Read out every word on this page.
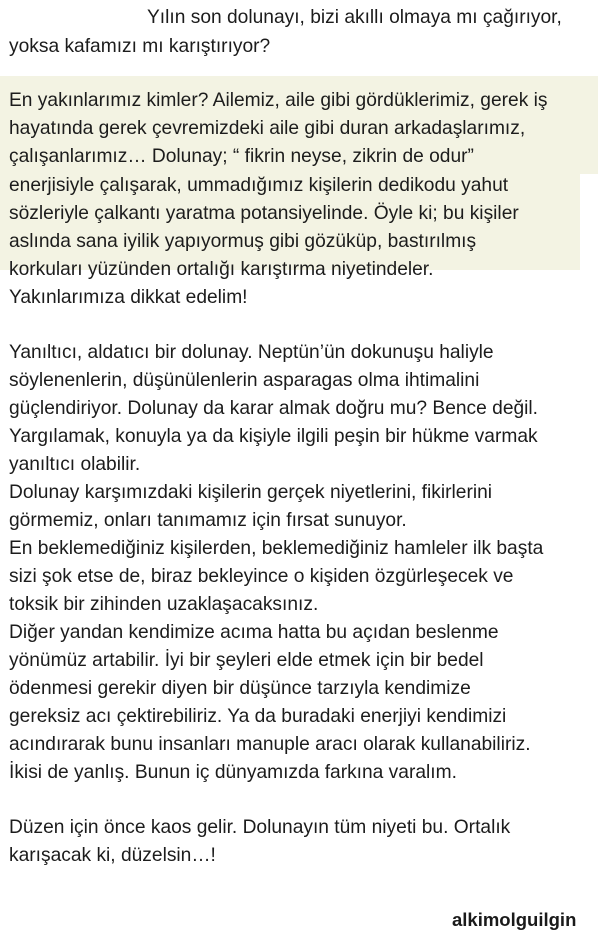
Yılın son dolunayı, bizi akıllı olmaya mı çağırıyor,
yoksa kafamızı mı karıştırıyor?
En yakınlarımız kimler? Ailemiz, aile gibi gördüklerimiz, gerek iş
hayatında gerek çevremizdeki aile gibi duran arkadaşlarımız,
çalışanlarımız… Dolunay; “ fikrin neyse, zikrin de odur”
enerjisiyle çalışarak, ummadığımız kişilerin dedikodu yahut
sözleriyle çalkantı yaratma potansiyelinde. Öyle ki; bu kişiler
aslında sana iyilik yapıyormuş gibi gözüküp, bastırılmış
korkuları yüzünden ortalığı karıştırma niyetindeler.
Yakınlarımıza dikkat edelim!
Yanıltıcı, aldatıcı bir dolunay. Neptün’ün dokunuşu haliyle
söylenenlerin, düşünülenlerin asparagas olma ihtimalini
güçlendiriyor. Dolunay da karar almak doğru mu? Bence değil.
Yargılamak, konuyla ya da kişiyle ilgili peşin bir hükme varmak
yanıltıcı olabilir.
Dolunay karşımızdaki kişilerin gerçek niyetlerini, fikirlerini
görmemiz, onları tanımamız için fırsat sunuyor.
En beklemediğiniz kişilerden, beklemediğiniz hamleler ilk başta
sizi şok etse de, biraz bekleyince o kişiden özgürleşecek ve
toksik bir zihinden uzaklaşacaksınız.
Diğer yandan kendimize acıma hatta bu açıdan beslenme
yönümüz artabilir. İyi bir şeyleri elde etmek için bir bedel
ödenmesi gerekir diyen bir düşünce tarzıyla kendimize
gereksiz acı çektirebiliriz. Ya da buradaki enerjiyi kendimizi
acındırarak bunu insanları manuple aracı olarak kullanabiliriz.
İkisi de yanlış. Bunun iç dünyamızda farkına varalım.
Düzen için önce kaos gelir. Dolunayın tüm niyeti bu. Ortalık
karışacak ki, düzelsin…!
alkimolguilgin
